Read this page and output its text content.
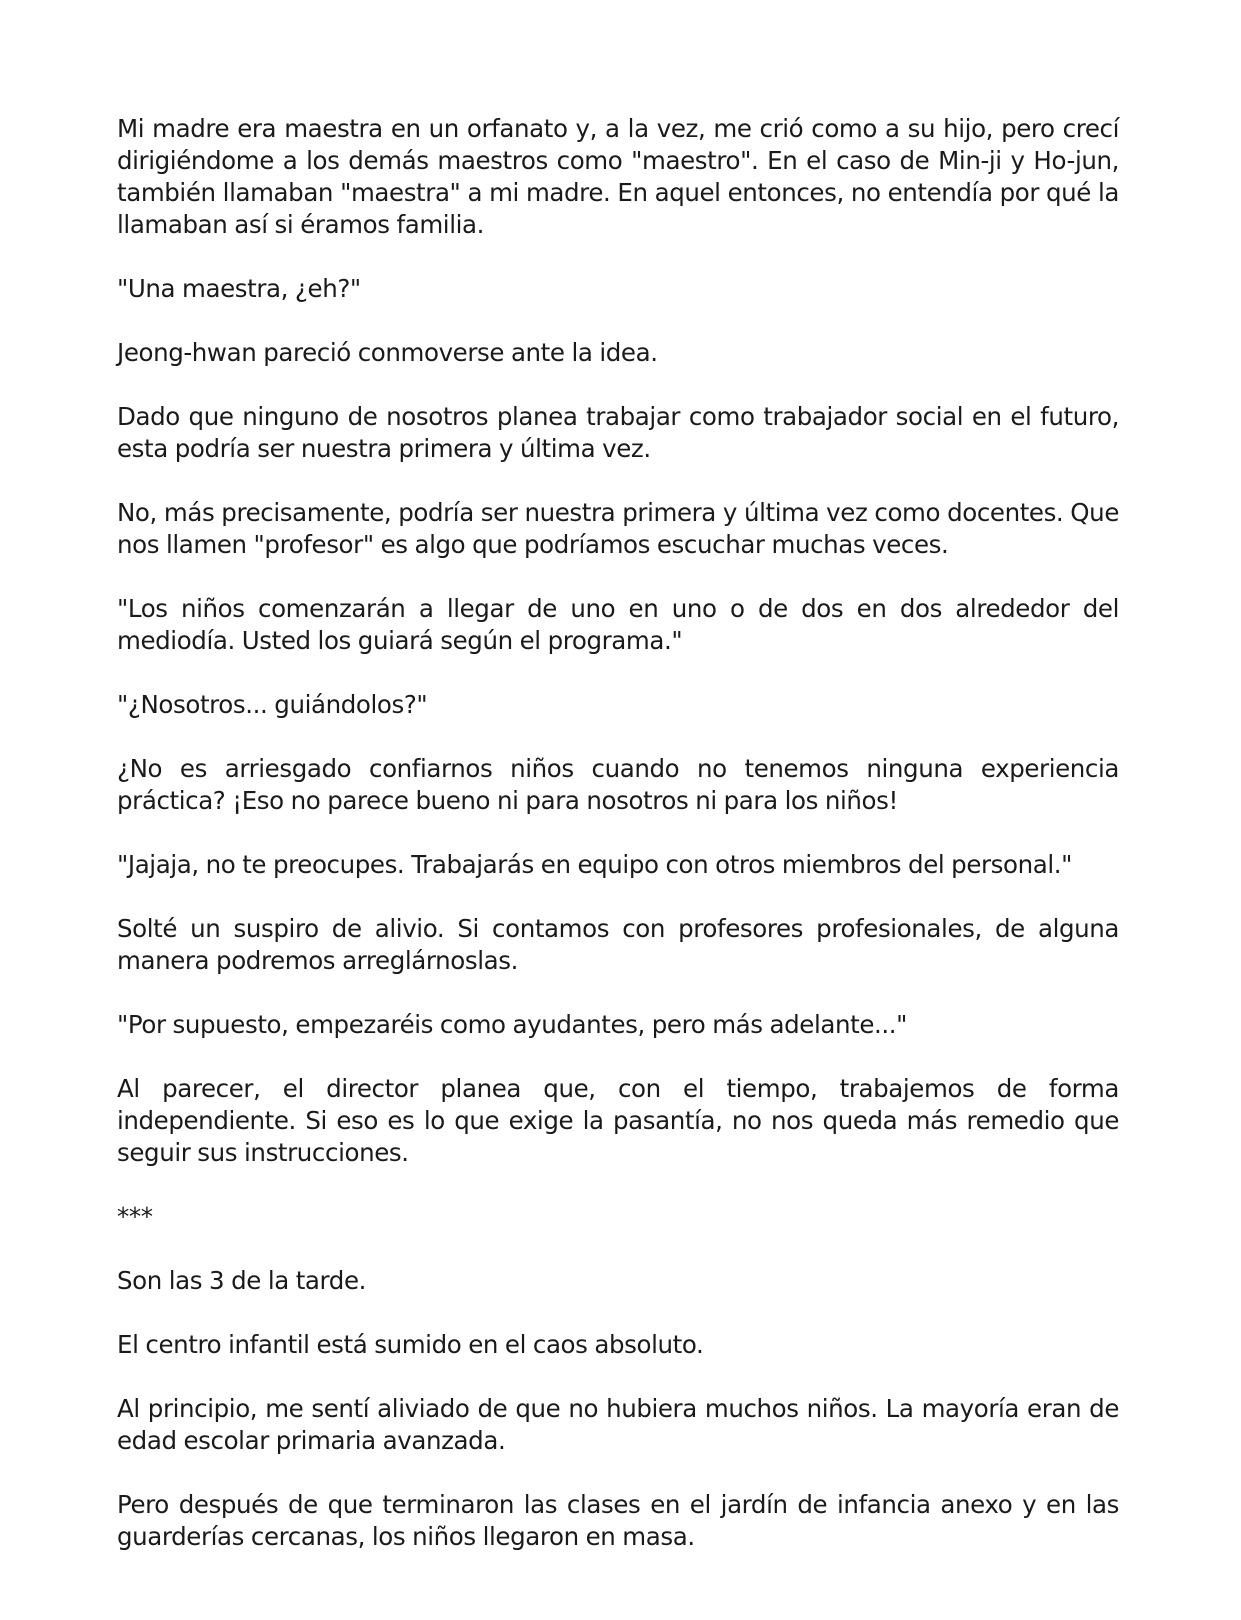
Mi madre era maestra en un orfanato y, a la vez, me crió como a su hijo, pero crecí dirigiéndome a los demás maestros como "maestro". En el caso de Min-ji y Ho-jun, también llamaban "maestra" a mi madre. En aquel entonces, no entendía por qué la llamaban así si éramos familia.

"Una maestra, ¿eh?"

Jeong-hwan pareció conmoverse ante la idea.

Dado que ninguno de nosotros planea trabajar como trabajador social en el futuro, esta podría ser nuestra primera y última vez.

No, más precisamente, podría ser nuestra primera y última vez como docentes. Que nos llamen "profesor" es algo que podríamos escuchar muchas veces.

"Los niños comenzarán a llegar de uno en uno o de dos en dos alrededor del mediodía. Usted los guiará según el programa."

"¿Nosotros... guiándolos?"

¿No es arriesgado confiarnos niños cuando no tenemos ninguna experiencia práctica? ¡Eso no parece bueno ni para nosotros ni para los niños!

"Jajaja, no te preocupes. Trabajarás en equipo con otros miembros del personal."

Solté un suspiro de alivio. Si contamos con profesores profesionales, de alguna manera podremos arreglárnoslas.

"Por supuesto, empezaréis como ayudantes, pero más adelante..."

Al parecer, el director planea que, con el tiempo, trabajemos de forma independiente. Si eso es lo que exige la pasantía, no nos queda más remedio que seguir sus instrucciones.

***

Son las 3 de la tarde.

El centro infantil está sumido en el caos absoluto.

Al principio, me sentí aliviado de que no hubiera muchos niños. La mayoría eran de edad escolar primaria avanzada.

Pero después de que terminaron las clases en el jardín de infancia anexo y en las guarderías cercanas, los niños llegaron en masa.
